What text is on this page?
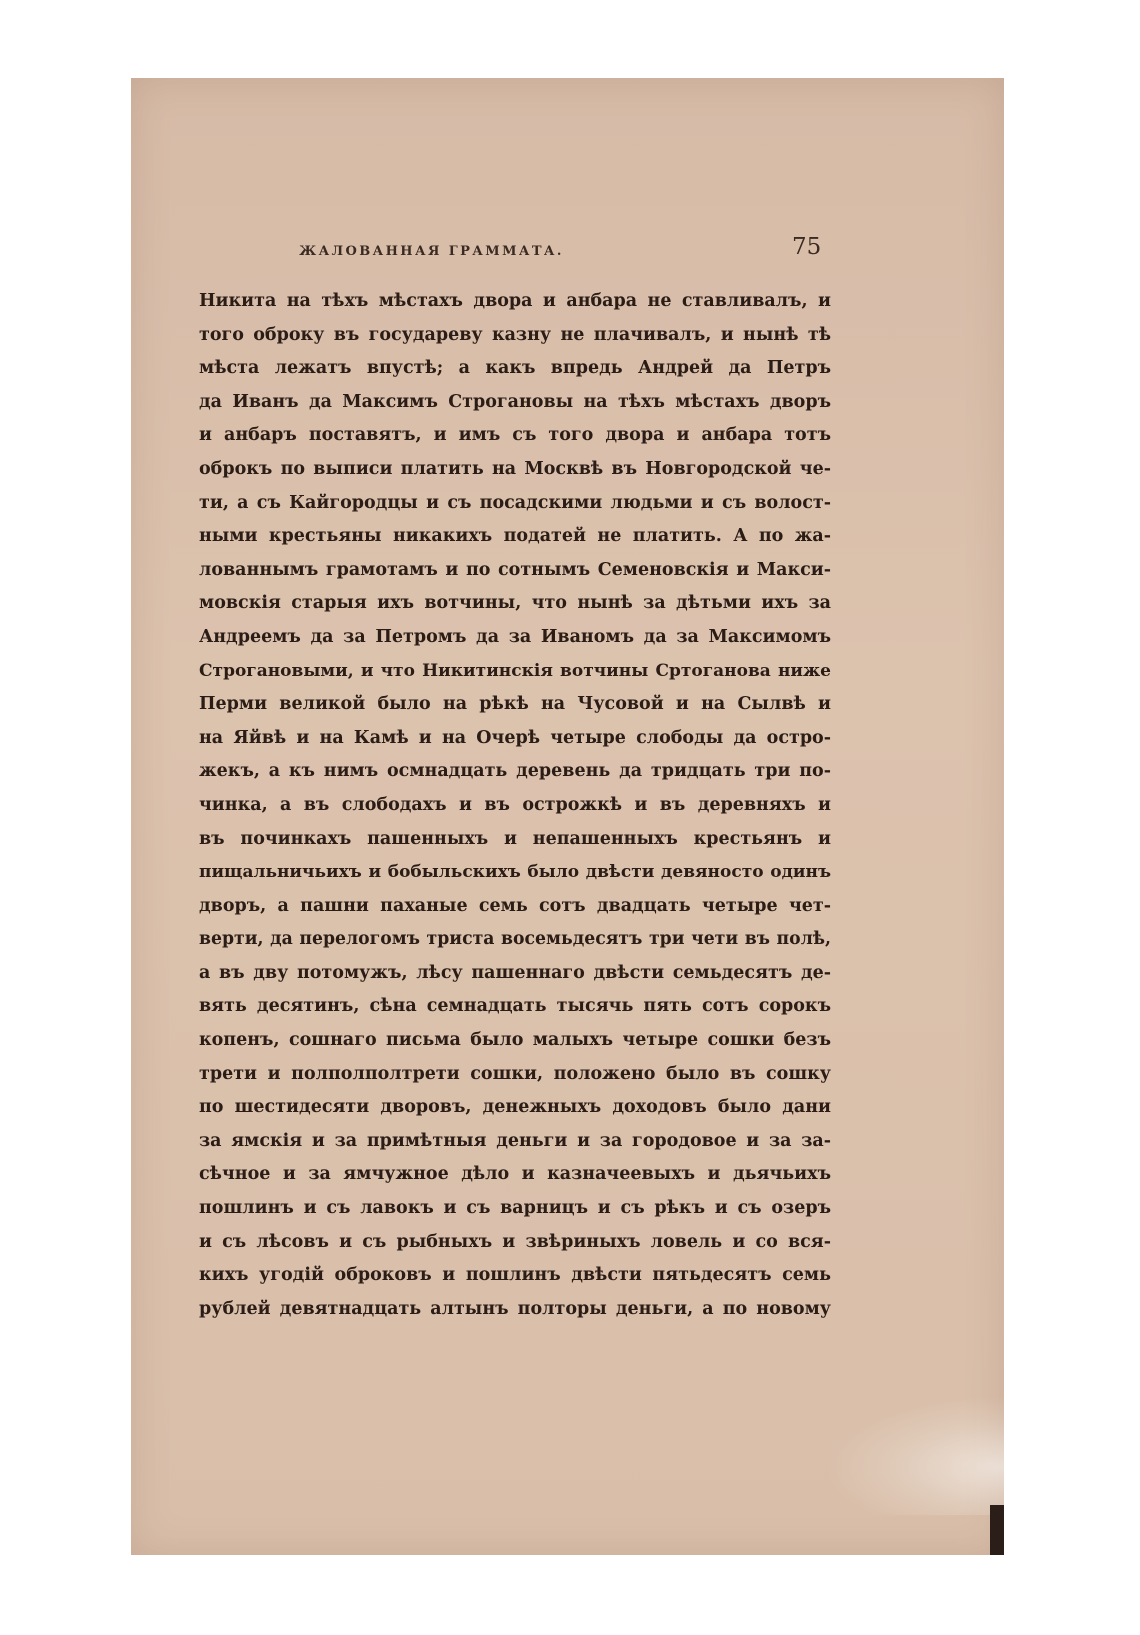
ЖАЛОВАННАЯ ГРАММАТА.	75
Никита на тѣхъ мѣстахъ двора и анбара не ставливалъ, и
того оброку въ государеву казну не плачивалъ, и нынѣ тѣ
мѣста лежатъ впустѣ; а какъ впредь Андрей да Петръ
да Иванъ да Максимъ Строгановы на тѣхъ мѣстахъ дворъ
и анбаръ поставятъ, и имъ съ того двора и анбара тотъ
оброкъ по выписи платить на Москвѣ въ Новгородской че-
ти, а съ Кайгородцы и съ посадскими людьми и съ волост-
ными крестьяны никакихъ податей не платить. А по жа-
лованнымъ грамотамъ и по сотнымъ Семеновскія и Макси-
мовскія старыя ихъ вотчины, что нынѣ за дѣтьми ихъ за
Андреемъ да за Петромъ да за Иваномъ да за Максимомъ
Строгановыми, и что Никитинскія вотчины Сртоганова ниже
Перми великой было на рѣкѣ на Чусовой и на Сылвѣ и
на Яйвѣ и на Камѣ и на Очерѣ четыре слободы да остро-
жекъ, а къ нимъ осмнадцать деревень да тридцать три по-
чинка, а въ слободахъ и въ острожкѣ и въ деревняхъ и
въ починкахъ пашенныхъ и непашенныхъ крестьянъ и
пищальничьихъ и бобыльскихъ было двѣсти девяносто одинъ
дворъ, а пашни паханые семь сотъ двадцать четыре чет-
верти, да перелогомъ триста восемьдесятъ три чети въ полѣ,
а въ дву потомужъ, лѣсу пашеннаго двѣсти семьдесятъ де-
вять десятинъ, сѣна семнадцать тысячь пять сотъ сорокъ
копенъ, сошнаго письма было малыхъ четыре сошки безъ
трети и полполполтрети сошки, положено было въ сошку
по шестидесяти дворовъ, денежныхъ доходовъ было дани
за ямскія и за примѣтныя деньги и за городовое и за за-
сѣчное и за ямчужное дѣло и казначеевыхъ и дьячьихъ
пошлинъ и съ лавокъ и съ варницъ и съ рѣкъ и съ озеръ
и съ лѣсовъ и съ рыбныхъ и звѣриныхъ ловель и со вся-
кихъ угодій оброковъ и пошлинъ двѣсти пятьдесятъ семь
рублей девятнадцать алтынъ полторы деньги, а по новому
